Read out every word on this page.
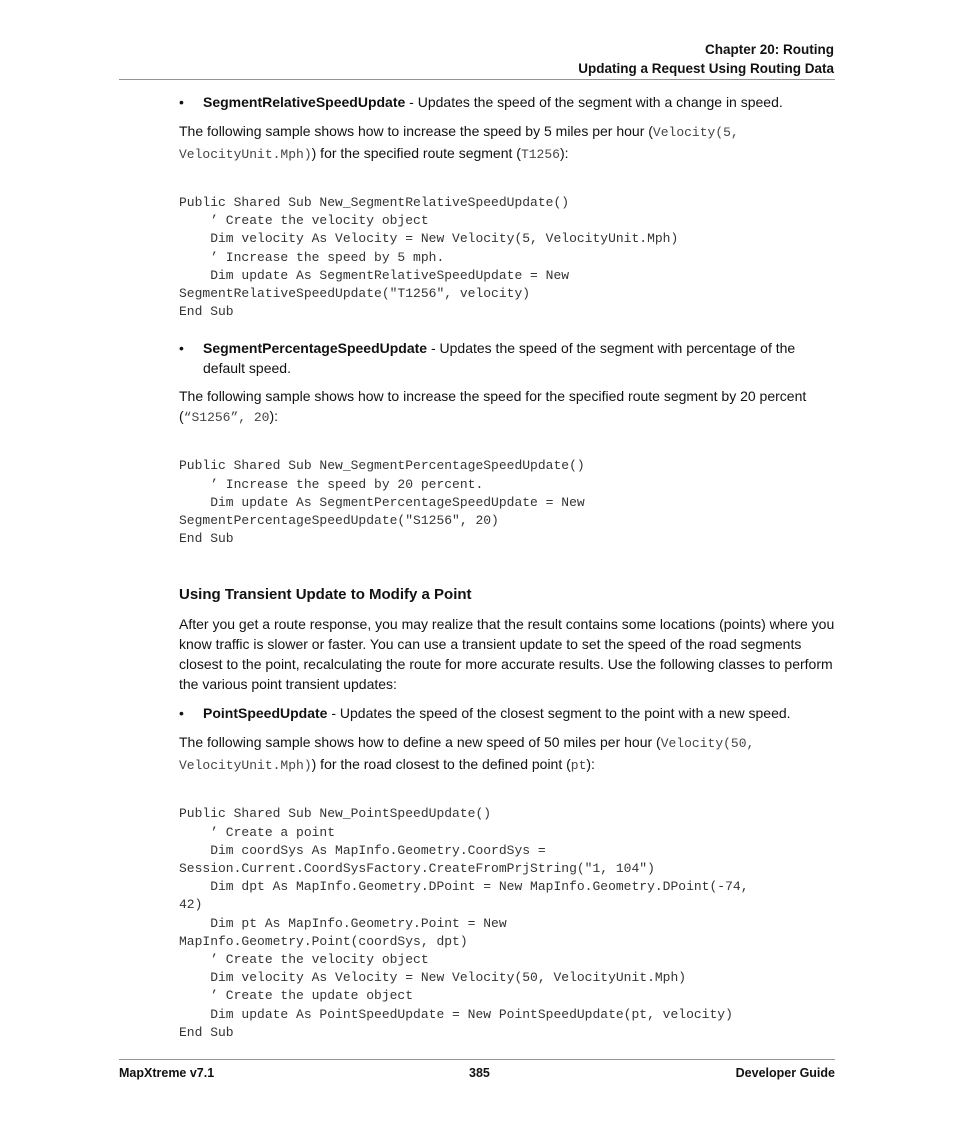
Chapter 20: Routing
Updating a Request Using Routing Data
• SegmentRelativeSpeedUpdate - Updates the speed of the segment with a change in speed.

The following sample shows how to increase the speed by 5 miles per hour (Velocity(5,
VelocityUnit.Mph)) for the specified route segment (T1256):

Public Shared Sub New_SegmentRelativeSpeedUpdate()
’ Create the velocity object
Dim velocity As Velocity = New Velocity(5, VelocityUnit.Mph)
’ Increase the speed by 5 mph.
Dim update As SegmentRelativeSpeedUpdate = New
SegmentRelativeSpeedUpdate("T1256", velocity)
End Sub
• SegmentPercentageSpeedUpdate - Updates the speed of the segment with percentage of the default speed.

The following sample shows how to increase the speed for the specified route segment by 20 percent (“S1256”, 20):

Public Shared Sub New_SegmentPercentageSpeedUpdate()
’ Increase the speed by 20 percent.
Dim update As SegmentPercentageSpeedUpdate = New
SegmentPercentageSpeedUpdate("S1256", 20)
End Sub
Using Transient Update to Modify a Point

After you get a route response, you may realize that the result contains some locations (points) where you know traffic is slower or faster. You can use a transient update to set the speed of the road segments closest to the point, recalculating the route for more accurate results. Use the following classes to perform the various point transient updates:

• PointSpeedUpdate - Updates the speed of the closest segment to the point with a new speed.

The following sample shows how to define a new speed of 50 miles per hour (Velocity(50,
VelocityUnit.Mph)) for the road closest to the defined point (pt):

Public Shared Sub New_PointSpeedUpdate()
’ Create a point
Dim coordSys As MapInfo.Geometry.CoordSys =
Session.Current.CoordSysFactory.CreateFromPrjString("1, 104")
Dim dpt As MapInfo.Geometry.DPoint = New MapInfo.Geometry.DPoint(-74,
42)
Dim pt As MapInfo.Geometry.Point = New
MapInfo.Geometry.Point(coordSys, dpt)
’ Create the velocity object
Dim velocity As Velocity = New Velocity(50, VelocityUnit.Mph)
’ Create the update object
Dim update As PointSpeedUpdate = New PointSpeedUpdate(pt, velocity)
End Sub
MapXtreme v7.1	385	Developer Guide
